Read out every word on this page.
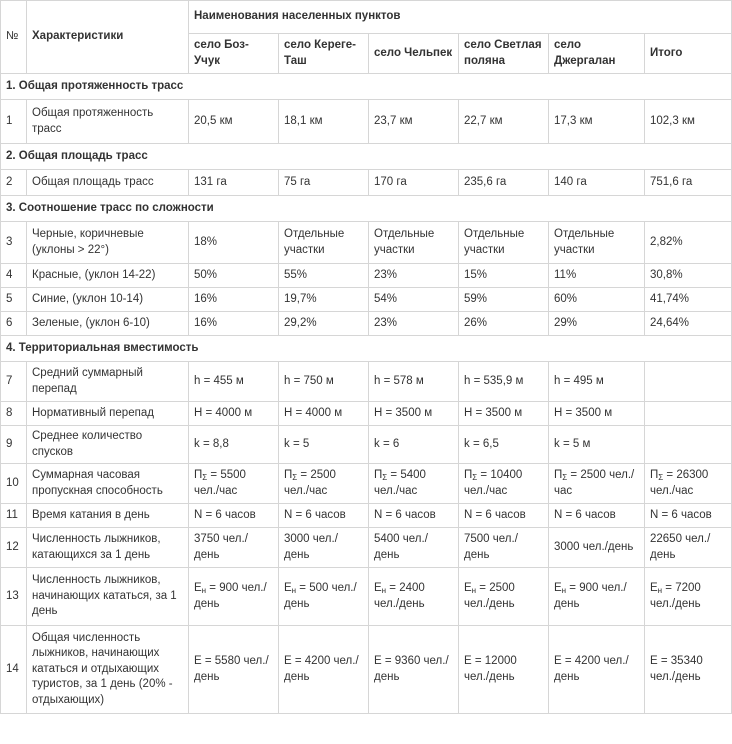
№	Характеристики	Наименования населенных пунктов					
		село Боз-Учук	село Кереге-Таш	село Чельпек	село Светлая поляна	село Джергалан	Итого
1. Общая протяженность трасс							
1	Общая протяженность трасс	20,5 км	18,1 км	23,7 км	22,7 км	17,3 км	102,3 км
2. Общая площадь трасс							
2	Общая площадь трасс	131 га	75 га	170 га	235,6 га	140 га	751,6 га
3. Соотношение трасс по сложности							
3	Черные, коричневые (уклоны > 22°)	18%	Отдельные участки	Отдельные участки	Отдельные участки	Отдельные участки	2,82%
4	Красные, (уклон 14-22)	50%	55%	23%	15%	11%	30,8%
5	Синие, (уклон 10-14)	16%	19,7%	54%	59%	60%	41,74%
6	Зеленые, (уклон 6-10)	16%	29,2%	23%	26%	29%	24,64%
4. Территориальная вместимость							
7	Средний суммарный перепад	h = 455 м	h = 750 м	h = 578 м	h = 535,9 м	h = 495 м	
8	Нормативный перепад	H = 4000 м	H = 4000 м	H = 3500 м	H = 3500 м	H = 3500 м	
9	Среднее количество спусков	k = 8,8	k = 5	k = 6	k = 6,5	k = 5 м	
10	Суммарная часовая пропускная способность	$П_\Sigma = 5500$ чел./час	$П_\Sigma = 2500$ чел./час	$П_\Sigma = 5400$ чел./час	$П_\Sigma = 10400$ чел./час	$П_\Sigma = 2500$ чел./час	$П_\Sigma = 26300$ чел./час
11	Время катания в день	N = 6 часов	N = 6 часов	N = 6 часов	N = 6 часов	N = 6 часов	N = 6 часов
12	Численность лыжников, катающихся за 1 день	3750 чел./день	3000 чел./день	5400 чел./день	7500 чел./день	3000 чел./день	22650 чел./день
13	Численность лыжников, начинающих кататься, за 1 день	$E_н = 900$ чел./день	$E_н = 500$ чел./день	$E_н = 2400$ чел./день	$E_н = 2500$ чел./день	$E_н = 900$ чел./день	$E_н = 7200$ чел./день
14	Общая численность лыжников, начинающих кататься и отдыхающих туристов, за 1 день (20% - отдыхающих)	E = 5580 чел./день	E = 4200 чел./день	E = 9360 чел./день	E = 12000 чел./день	E = 4200 чел./день	E = 35340 чел./день
